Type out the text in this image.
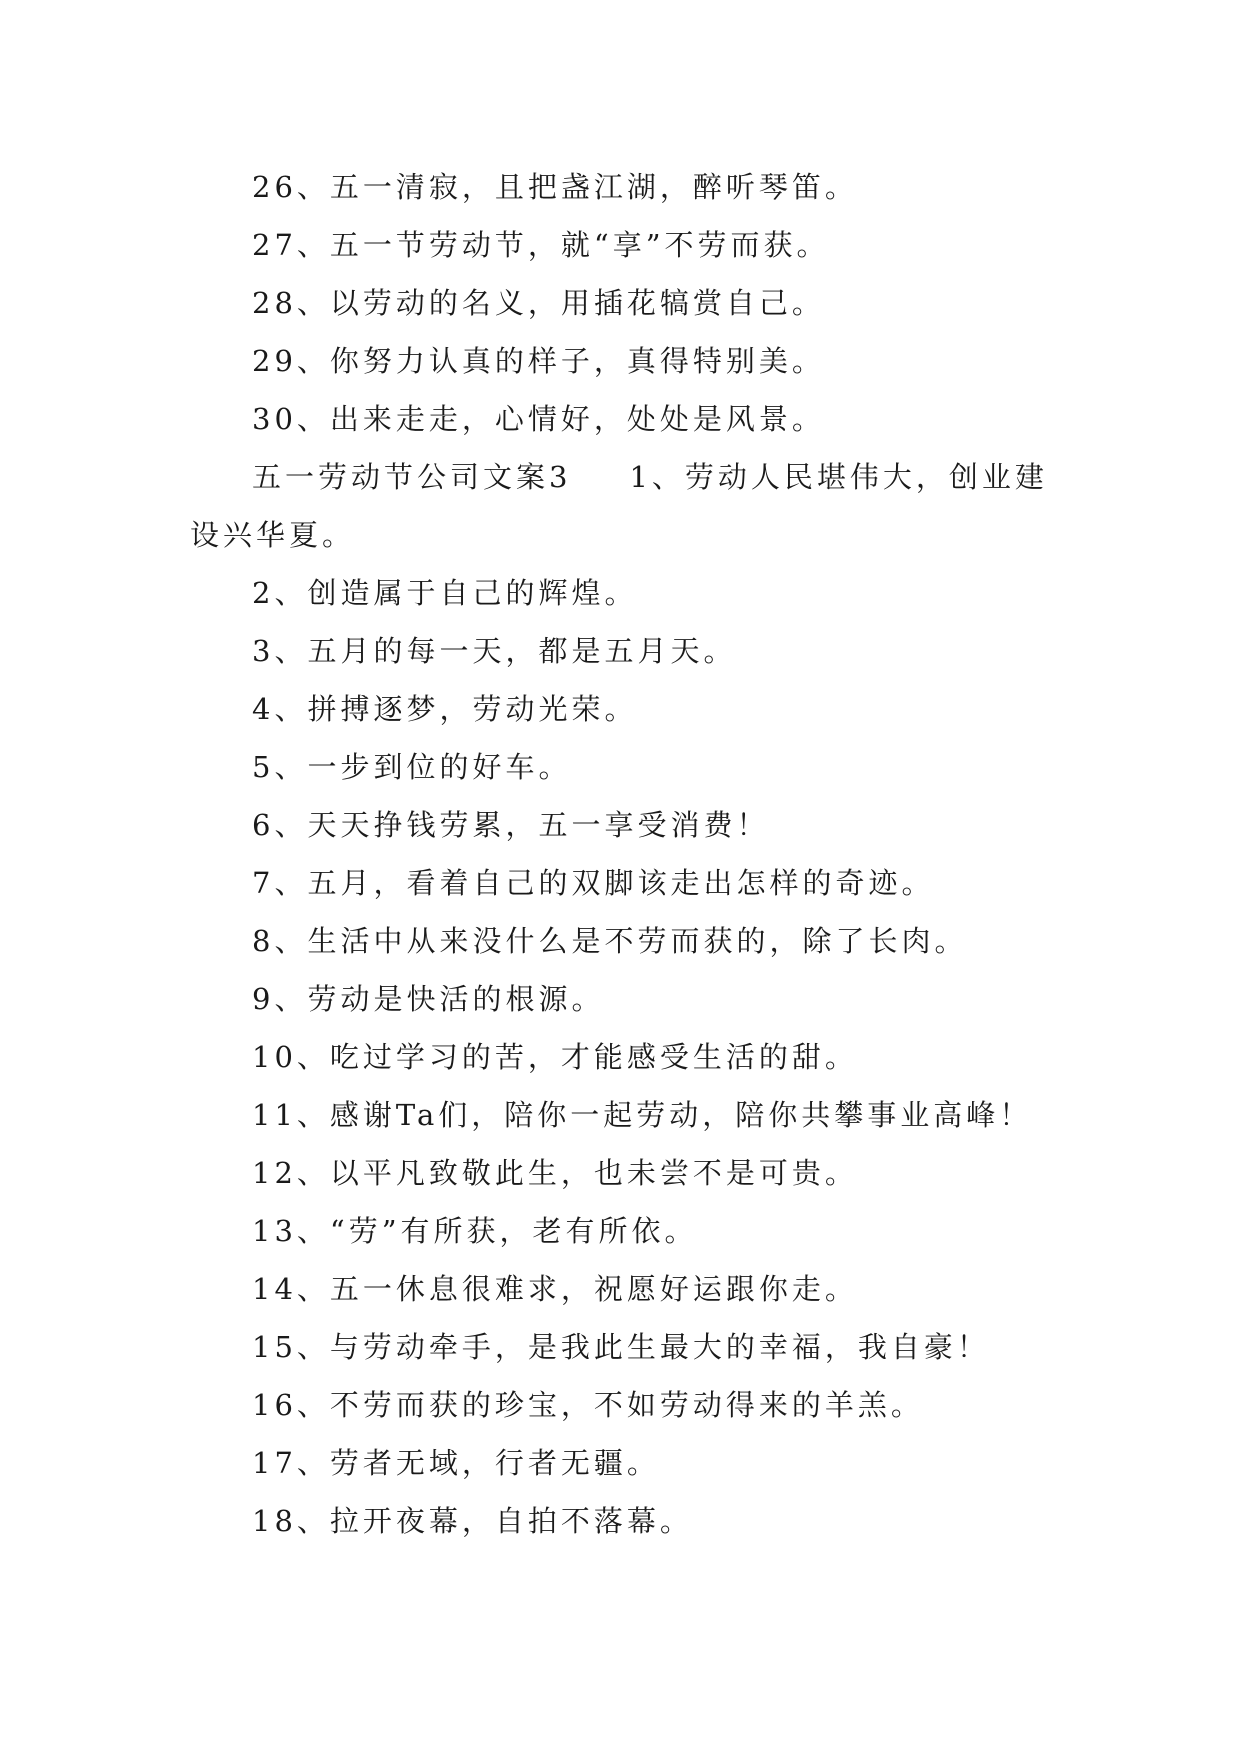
26、五一清寂，且把盏江湖，醉听琴笛。

27、五一节劳动节，就“享”不劳而获。

28、以劳动的名义，用插花犒赏自己。

29、你努力认真的样子，真得特别美。

30、出来走走，心情好，处处是风景。

五一劳动节公司文案3 1、劳动人民堪伟大，创业建设兴华夏。

2、创造属于自己的辉煌。

3、五月的每一天，都是五月天。

4、拼搏逐梦，劳动光荣。

5、一步到位的好车。

6、天天挣钱劳累，五一享受消费！

7、五月，看着自己的双脚该走出怎样的奇迹。

8、生活中从来没什么是不劳而获的，除了长肉。

9、劳动是快活的根源。

10、吃过学习的苦，才能感受生活的甜。

11、感谢Ta们，陪你一起劳动，陪你共攀事业高峰！

12、以平凡致敬此生，也未尝不是可贵。

13、“劳”有所获，老有所依。

14、五一休息很难求，祝愿好运跟你走。

15、与劳动牵手，是我此生最大的幸福，我自豪！

16、不劳而获的珍宝，不如劳动得来的羊羔。

17、劳者无域，行者无疆。

18、拉开夜幕，自拍不落幕。
